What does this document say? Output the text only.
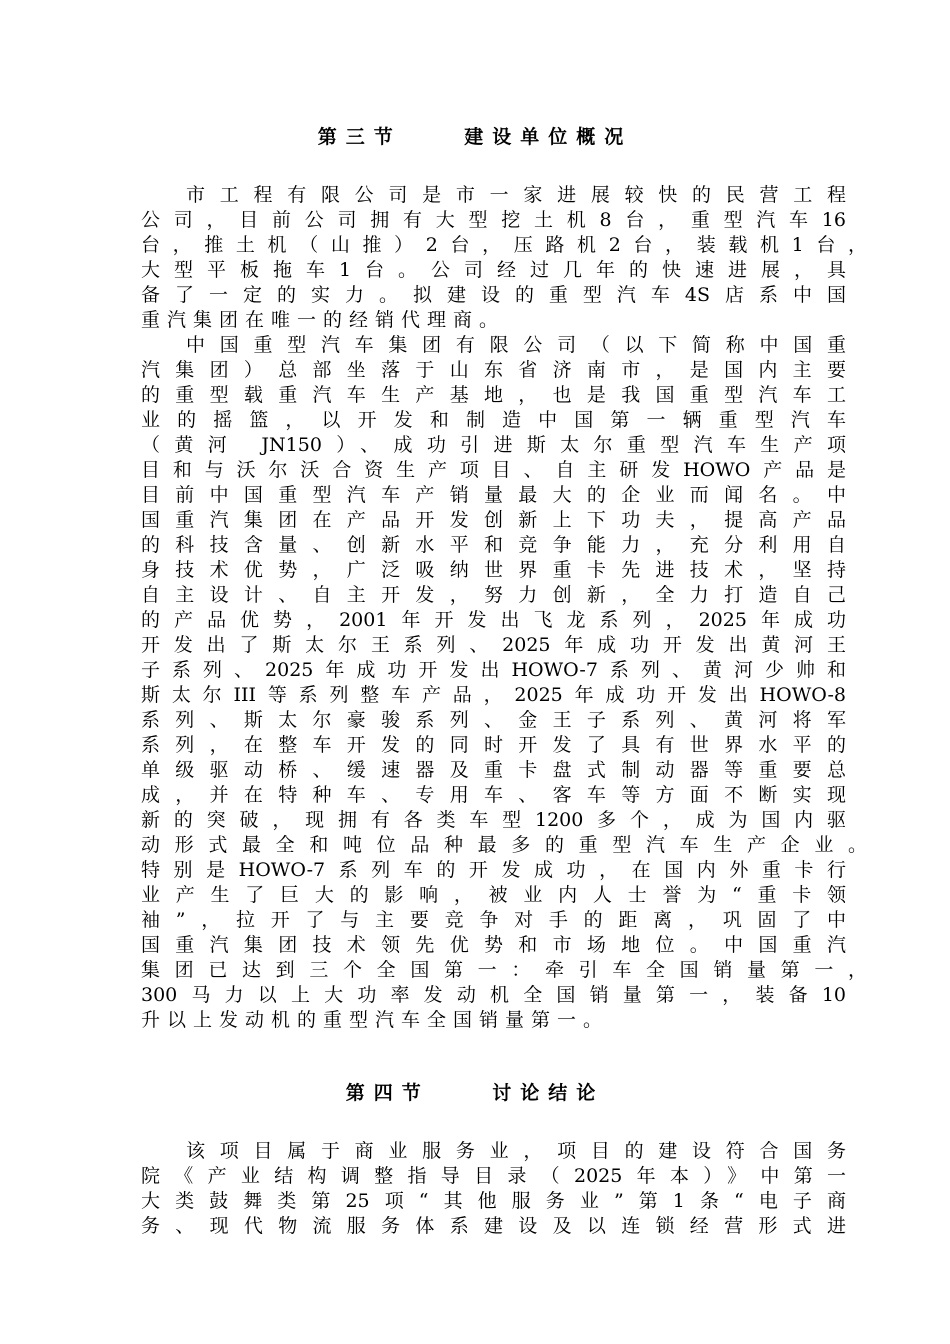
第三节    建设单位概况
市工程有限公司是市一家进展较快的民营工程
公司，目前公司拥有大型挖土机8台，重型汽车16
台，推土机（山推）2台，压路机2台，装载机1台，
大型平板拖车1台。公司经过几年的快速进展，具
备了一定的实力。拟建设的重型汽车4S店系中国
重汽集团在唯一的经销代理商。
中国重型汽车集团有限公司（以下简称中国重
汽集团）总部坐落于山东省济南市，是国内主要
的重型载重汽车生产基地，也是我国重型汽车工
业的摇篮，以开发和制造中国第一辆重型汽车
（黄河 JN150）、成功引进斯太尔重型汽车生产项
目和与沃尔沃合资生产项目、自主研发HOWO产品是
目前中国重型汽车产销量最大的企业而闻名。中
国重汽集团在产品开发创新上下功夫，提高产品
的科技含量、创新水平和竞争能力，充分利用自
身技术优势，广泛吸纳世界重卡先进技术，坚持
自主设计、自主开发，努力创新，全力打造自己
的产品优势，2001年开发出飞龙系列，2025年成功
开发出了斯太尔王系列、2025年成功开发出黄河王
子系列、2025年成功开发出HOWO-7系列、黄河少帅和
斯太尔III等系列整车产品，2025年成功开发出HOWO-8
系列、斯太尔豪骏系列、金王子系列、黄河将军
系列，在整车开发的同时开发了具有世界水平的
单级驱动桥、缓速器及重卡盘式制动器等重要总
成，并在特种车、专用车、客车等方面不断实现
新的突破，现拥有各类车型1200多个，成为国内驱
动形式最全和吨位品种最多的重型汽车生产企业。
特别是HOWO-7系列车的开发成功，在国内外重卡行
业产生了巨大的影响，被业内人士誉为“重卡领
袖”，拉开了与主要竞争对手的距离，巩固了中
国重汽集团技术领先优势和市场地位。中国重汽
集团已达到三个全国第一：牵引车全国销量第一，
300马力以上大功率发动机全国销量第一，装备10
升以上发动机的重型汽车全国销量第一。
第四节    讨论结论
该项目属于商业服务业，项目的建设符合国务
院《产业结构调整指导目录（2025年本）》中第一
大类鼓舞类第25项“其他服务业”第1条“电子商
务、现代物流服务体系建设及以连锁经营形式进
